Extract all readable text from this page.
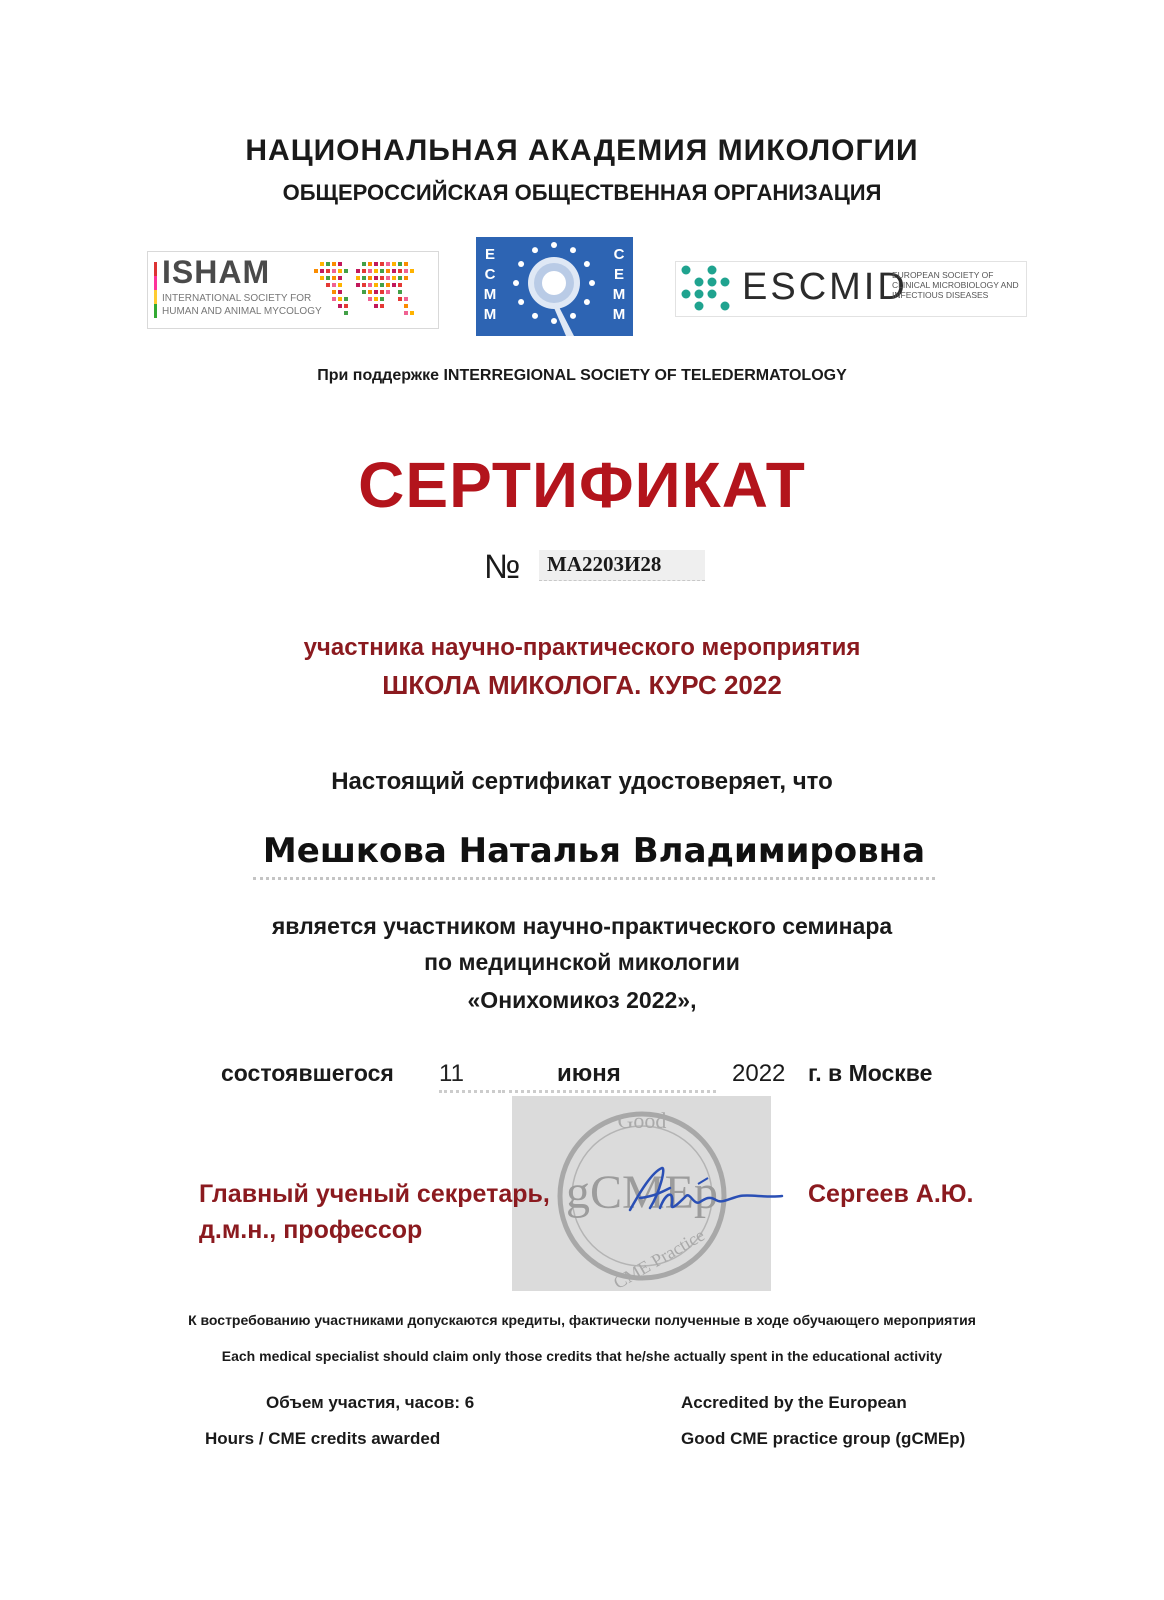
НАЦИОНАЛЬНАЯ АКАДЕМИЯ МИКОЛОГИИ
ОБЩЕРОССИЙСКАЯ ОБЩЕСТВЕННАЯ ОРГАНИЗАЦИЯ
ISHAM
INTERNATIONAL SOCIETY FOR HUMAN AND ANIMAL MYCOLOGY
E
C
M
M
C
E
M
M
ESCMID
EUROPEAN SOCIETY OF CLINICAL MICROBIOLOGY AND INFECTIOUS DISEASES
При поддержке INTERREGIONAL SOCIETY OF TELEDERMATOLOGY
СЕРТИФИКАТ
№ МА2203И28
участника научно-практического мероприятия
ШКОЛА МИКОЛОГА. КУРС 2022
Настоящий сертификат удостоверяет, что
Мешкова Наталья Владимировна
является участником научно-практического семинара
по медицинской микологии
«Онихомикоз 2022»,
состоявшегося 11	июня	2022 г. в Москве
Good
gCMEp
CME Practice
Главный ученый секретарь,
д.м.н., профессор
Сергеев А.Ю.
К востребованию участниками допускаются кредиты, фактически полученные в ходе обучающего мероприятия
Each medical specialist should claim only those credits that he/she actually spent in the educational activity
Объем участия, часов: 6
Hours / CME credits awarded
Accredited by the European
Good CME practice group (gCMEp)
